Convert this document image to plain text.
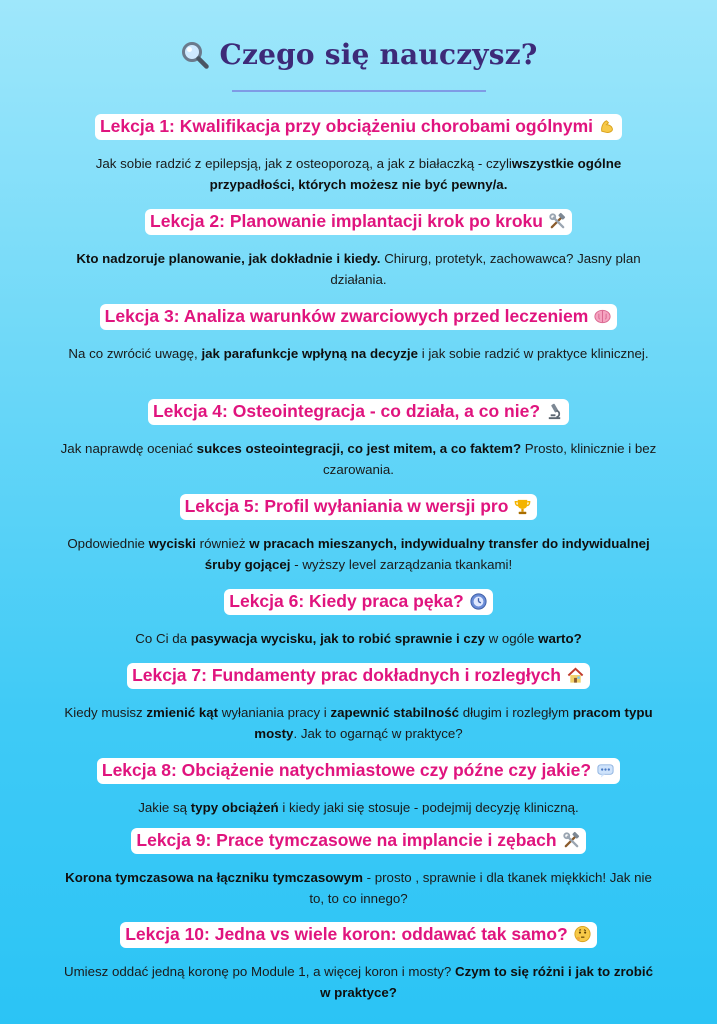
Czego się nauczysz?
Lekcja 1: Kwalifikacja przy obciążeniu chorobami ogólnymi

Jak sobie radzić z epilepsją, jak z osteoporozą, a jak z białaczką - czyliwszystkie ogólne przypadłości, których możesz nie być pewny/a.

Lekcja 2: Planowanie implantacji krok po kroku

Kto nadzoruje planowanie, jak dokładnie i kiedy. Chirurg, protetyk, zachowawca? Jasny plan działania.

Lekcja 3: Analiza warunków zwarciowych przed leczeniem

Na co zwrócić uwagę, jak parafunkcje wpłyną na decyzje i jak sobie radzić w praktyce klinicznej.

Lekcja 4: Osteointegracja - co działa, a co nie?

Jak naprawdę oceniać sukces osteointegracji, co jest mitem, a co faktem? Prosto, klinicznie i bez czarowania.

Lekcja 5: Profil wyłaniania w wersji pro

Opdowiednie wyciski również w pracach mieszanych, indywidualny transfer do indywidualnej śruby gojącej - wyższy level zarządzania tkankami!

Lekcja 6: Kiedy praca pęka?

Co Ci da pasywacja wycisku, jak to robić sprawnie i czy w ogóle warto?

Lekcja 7: Fundamenty prac dokładnych i rozległych

Kiedy musisz zmienić kąt wyłaniania pracy i zapewnić stabilność długim i rozległym pracom typu mosty. Jak to ogarnąć w praktyce?

Lekcja 8: Obciążenie natychmiastowe czy późne czy jakie?

Jakie są typy obciążeń i kiedy jaki się stosuje - podejmij decyzję kliniczną.

Lekcja 9: Prace tymczasowe na implancie i zębach

Korona tymczasowa na łączniku tymczasowym - prosto , sprawnie i dla tkanek miękkich! Jak nie to, to co innego?

Lekcja 10: Jedna vs wiele koron: oddawać tak samo?

Umiesz oddać jedną koronę po Module 1, a więcej koron i mosty? Czym to się różni i jak to zrobić w praktyce?
